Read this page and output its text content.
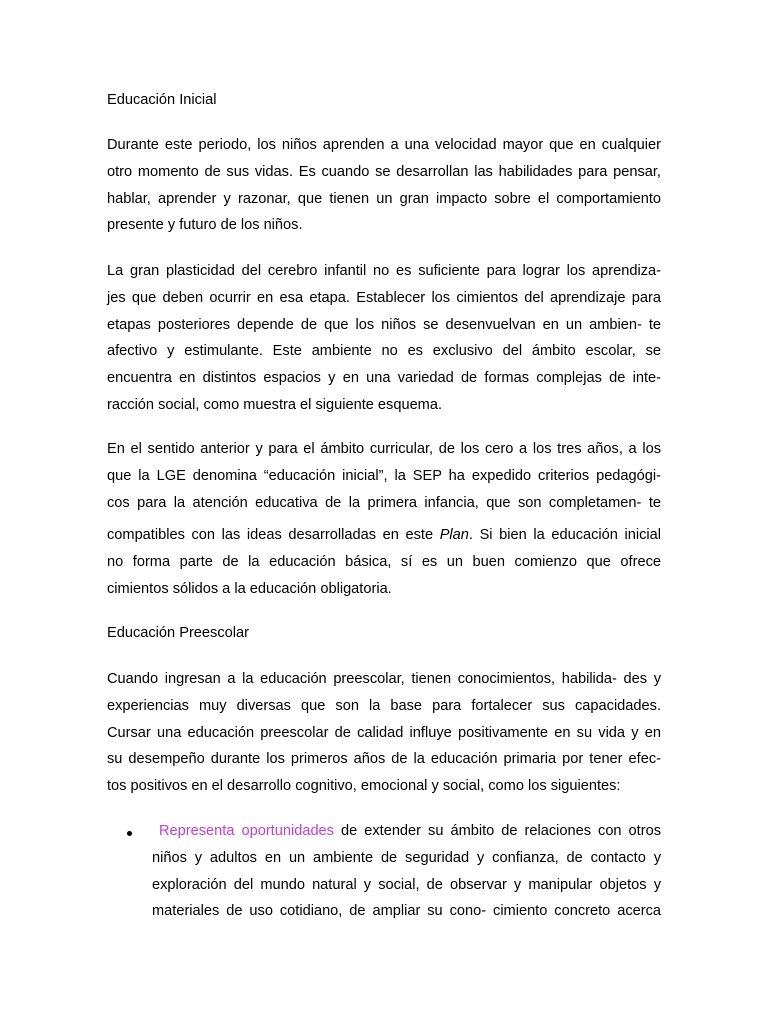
Educación Inicial
Durante este periodo, los niños aprenden a una velocidad mayor que en cualquier
otro momento de sus vidas. Es cuando se desarrollan las habilidades para pensar,
hablar, aprender y razonar, que tienen un gran impacto sobre el comportamiento
presente y futuro de los niños.
La gran plasticidad del cerebro infantil no es suficiente para lograr los aprendiza-
jes que deben ocurrir en esa etapa. Establecer los cimientos del aprendizaje para
etapas posteriores depende de que los niños se desenvuelvan en un ambien- te
afectivo y estimulante. Este ambiente no es exclusivo del ámbito escolar, se
encuentra en distintos espacios y en una variedad de formas complejas de inte-
racción social, como muestra el siguiente esquema.
En el sentido anterior y para el ámbito curricular, de los cero a los tres años, a los
que la LGE denomina “educación inicial”, la SEP ha expedido criterios pedagógi-
cos para la atención educativa de la primera infancia, que son completamen- te
compatibles con las ideas desarrolladas en este Plan. Si bien la educación inicial
no forma parte de la educación básica, sí es un buen comienzo que ofrece
cimientos sólidos a la educación obligatoria.
Educación Preescolar
Cuando ingresan a la educación preescolar, tienen conocimientos, habilida- des y
experiencias muy diversas que son la base para fortalecer sus capacidades.
Cursar una educación preescolar de calidad influye positivamente en su vida y en
su desempeño durante los primeros años de la educación primaria por tener efec-
tos positivos en el desarrollo cognitivo, emocional y social, como los siguientes:
Representa oportunidades de extender su ámbito de relaciones con otros
niños y adultos en un ambiente de seguridad y confianza, de contacto y
exploración del mundo natural y social, de observar y manipular objetos y
materiales de uso cotidiano, de ampliar su cono- cimiento concreto acerca
